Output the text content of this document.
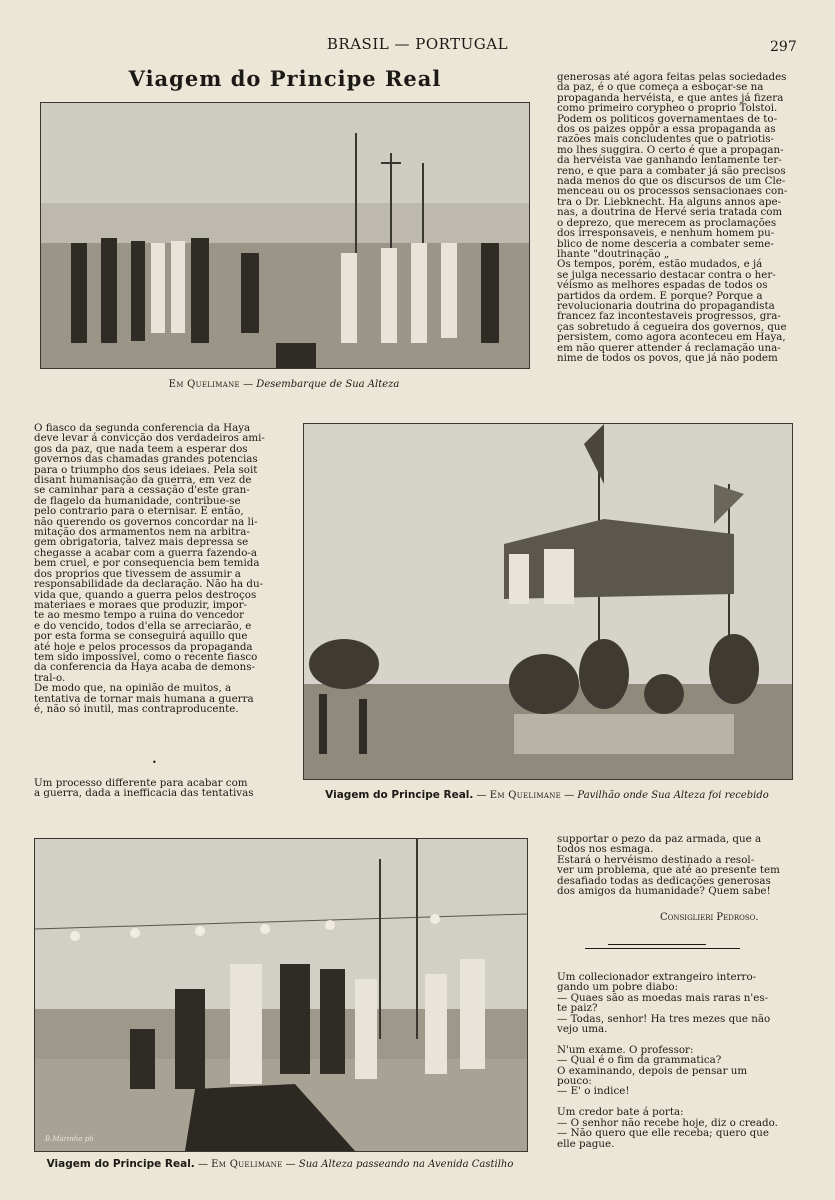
BRASIL — PORTUGAL	297
Viagem do Principe Real
Em Quelimane — Desembarque de Sua Alteza
generosas até agora feitas pelas sociedades
da paz, é o que começa a esboçar-se na
propaganda hervéista, e que antes já fizera
como primeiro corypheo o proprio Tolstoi.
Podem os politicos governamentaes de to-
dos os paizes oppôr a essa propaganda as
razões mais concludentes que o patriotis-
mo lhes suggira. O certo é que a propagan-
da hervéista vae ganhando lentamente ter-
reno, e que para a combater já são precisos
nada menos do que os discursos de um Cle-
menceau ou os processos sensacionaes con-
tra o Dr. Liebknecht. Ha alguns annos ape-
nas, a doutrina de Hervé seria tratada com
o deprezo, que merecem as proclamações
dos irresponsaveis, e nenhum homem pu-
blico de nome desceria a combater seme-
lhante "doutrinação „
Os tempos, porém, estão mudados, e já
se julga necessario destacar contra o her-
véismo as melhores espadas de todos os
partidos da ordem. E porque? Porque a
revolucionaria doutrina do propagandista
francez faz incontestaveis progressos, gra-
ças sobretudo á cegueira dos governos, que
persistem, como agora aconteceu em Haya,
em não querer attender á reclamação una-
nime de todos os povos, que já não podem
O fiasco da segunda conferencia da Haya
deve levar á convicção dos verdadeiros ami-
gos da paz, que nada teem a esperar dos
governos das chamadas grandes potencias
para o triumpho dos seus ideiaes. Pela soit
disant humanisação da guerra, em vez de
se caminhar para a cessação d'este gran-
de flagelo da humanidade, contribue-se
pelo contrario para o eternisar. E então,
não querendo os governos concordar na li-
mitação dos armamentos nem na arbitra-
gem obrigatoria, talvez mais depressa se
chegasse a acabar com a guerra fazendo-a
bem cruel, e por consequencia bem temida
dos proprios que tivessem de assumir a
responsabilidade da declaração. Não ha du-
vida que, quando a guerra pelos destroços
materiaes e moraes que produzir, impor-
te ao mesmo tempo a ruina do vencedor
e do vencido, todos d'ella se arreciarão, e
por esta forma se conseguirá aquillo que
até hoje e pelos processos da propaganda
tem sido impossivel, como o recente fiasco
da conferencia da Haya acaba de demons-
tral-o.
De modo que, na opinião de muitos, a
tentativa de tornar mais humana a guerra
é, não só inutil, mas contraproducente.
•
Um processo differente para acabar com
a guerra, dada a inefficacia das tentativas	Viagem do Principe Real. — Em Quelimane — Pavilhão onde Sua Alteza foi recebido
B.Marinho ph
Viagem do Principe Real. — Em Quelimane — Sua Alteza passeando na Avenida Castilho
supportar o pezo da paz armada, que a
todos nos esmaga.
Estará o hervéismo destinado a resol-
ver um problema, que até ao presente tem
desafiado todas as dedicações generosas
dos amigos da humanidade? Quem sabe!
Consiglieri Pedroso.
Um collecionador extrangeiro interro-
gando um pobre diabo:
— Quaes são as moedas mais raras n'es-
te paiz?
— Todas, senhor! Ha tres mezes que não
vejo uma.

N'um exame. O professor:
— Qual é o fim da grammatica?
O examinando, depois de pensar um
pouco:
— E' o indice!

Um credor bate á porta:
— O senhor não recebe hoje, diz o creado.
— Não quero que elle receba; quero que
elle pague.
